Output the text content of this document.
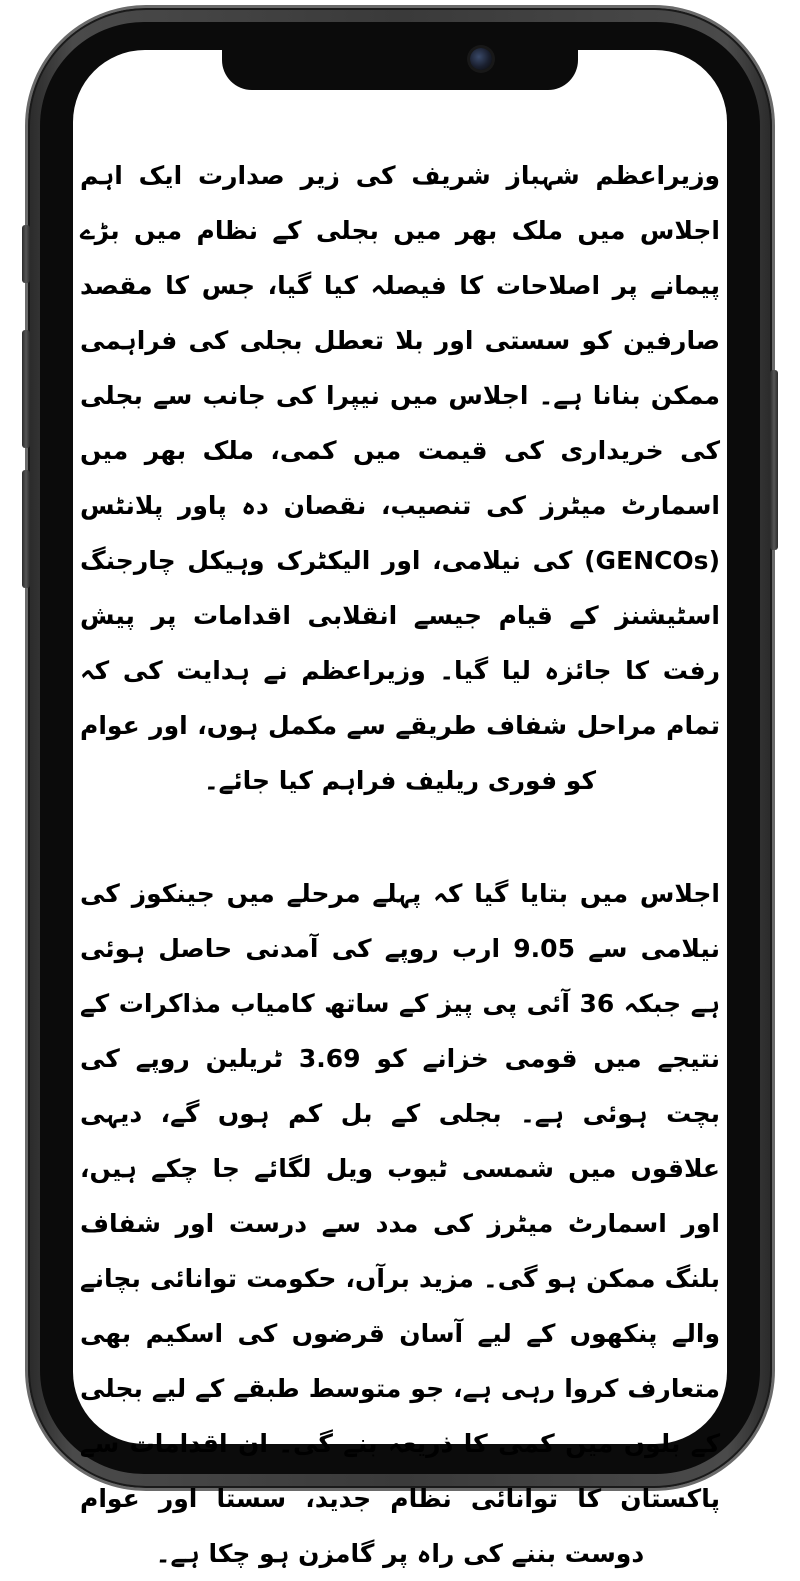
وزیراعظم شہباز شریف کی زیر صدارت ایک اہم اجلاس میں ملک بھر میں بجلی کے نظام میں بڑے پیمانے پر اصلاحات کا فیصلہ کیا گیا، جس کا مقصد صارفین کو سستی اور بلا تعطل بجلی کی فراہمی ممکن بنانا ہے۔ اجلاس میں نیپرا کی جانب سے بجلی کی خریداری کی قیمت میں کمی، ملک بھر میں اسمارٹ میٹرز کی تنصیب، نقصان دہ پاور پلانٹس (GENCOs) کی نیلامی، اور الیکٹرک وہیکل چارجنگ اسٹیشنز کے قیام جیسے انقلابی اقدامات پر پیش رفت کا جائزہ لیا گیا۔ وزیراعظم نے ہدایت کی کہ تمام مراحل شفاف طریقے سے مکمل ہوں، اور عوام کو فوری ریلیف فراہم کیا جائے۔

اجلاس میں بتایا گیا کہ پہلے مرحلے میں جینکوز کی نیلامی سے 9.05 ارب روپے کی آمدنی حاصل ہوئی ہے جبکہ 36 آئی پی پیز کے ساتھ کامیاب مذاکرات کے نتیجے میں قومی خزانے کو 3.69 ٹریلین روپے کی بچت ہوئی ہے۔ بجلی کے بل کم ہوں گے، دیہی علاقوں میں شمسی ٹیوب ویل لگائے جا چکے ہیں، اور اسمارٹ میٹرز کی مدد سے درست اور شفاف بلنگ ممکن ہو گی۔ مزید برآں، حکومت توانائی بچانے والے پنکھوں کے لیے آسان قرضوں کی اسکیم بھی متعارف کروا رہی ہے، جو متوسط طبقے کے لیے بجلی کے بلوں میں کمی کا ذریعہ بنے گی۔ ان اقدامات سے پاکستان کا توانائی نظام جدید، سستا اور عوام دوست بننے کی راہ پر گامزن ہو چکا ہے۔
